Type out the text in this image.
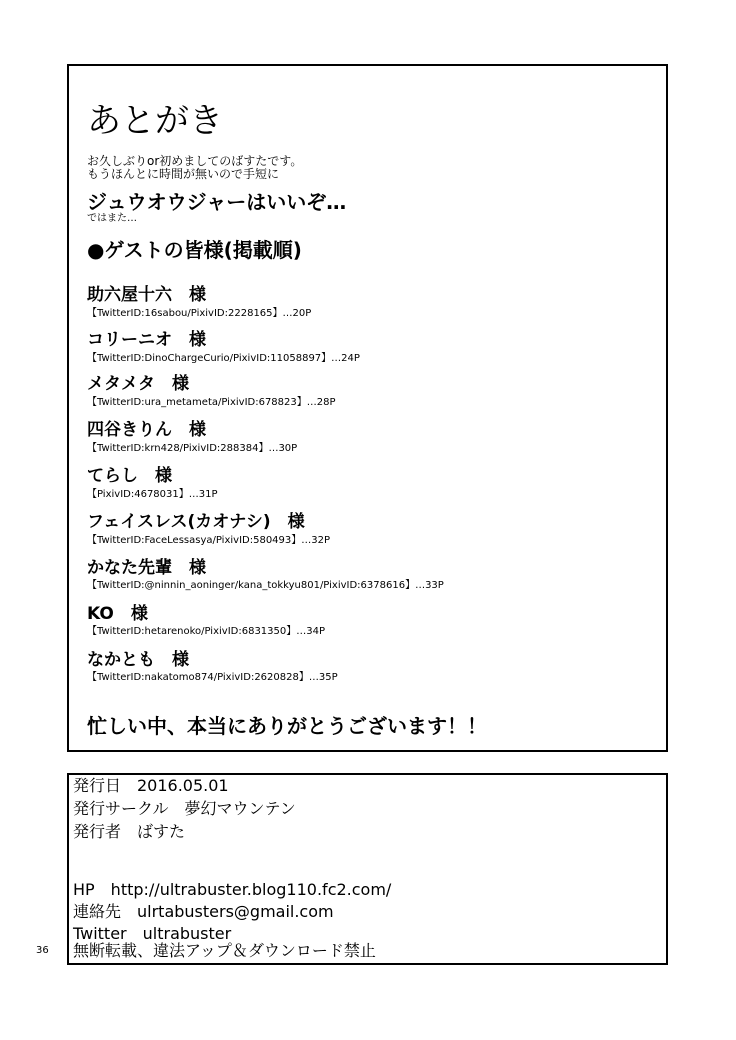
あとがき
お久しぶりor初めましてのばすたです。
もうほんとに時間が無いので手短に
ジュウオウジャーはいいぞ…
ではまた…
●ゲストの皆様(掲載順)
助六屋十六　様
【TwitterID:16sabou/PixivID:2228165】…20P
コリーニオ　様
【TwitterID:DinoChargeCurio/PixivID:11058897】…24P
メタメタ　様
【TwitterID:ura_metameta/PixivID:678823】…28P
四谷きりん　様
【TwitterID:krn428/PixivID:288384】…30P
てらし　様
【PixivID:4678031】…31P
フェイスレス(カオナシ)　様
【TwitterID:FaceLessasya/PixivID:580493】…32P
かなた先輩　様
【TwitterID:@ninnin_aoninger/kana_tokkyu801/PixivID:6378616】…33P
KO　様
【TwitterID:hetarenoko/PixivID:6831350】…34P
なかとも　様
【TwitterID:nakatomo874/PixivID:2620828】…35P
忙しい中、本当にありがとうございます！！
発行日　2016.05.01
発行サークル　夢幻マウンテン
発行者　ばすた
HP　http://ultrabuster.blog110.fc2.com/
連絡先　ulrtabusters@gmail.com
Twitter　ultrabuster
無断転載、違法アップ＆ダウンロード禁止
36
